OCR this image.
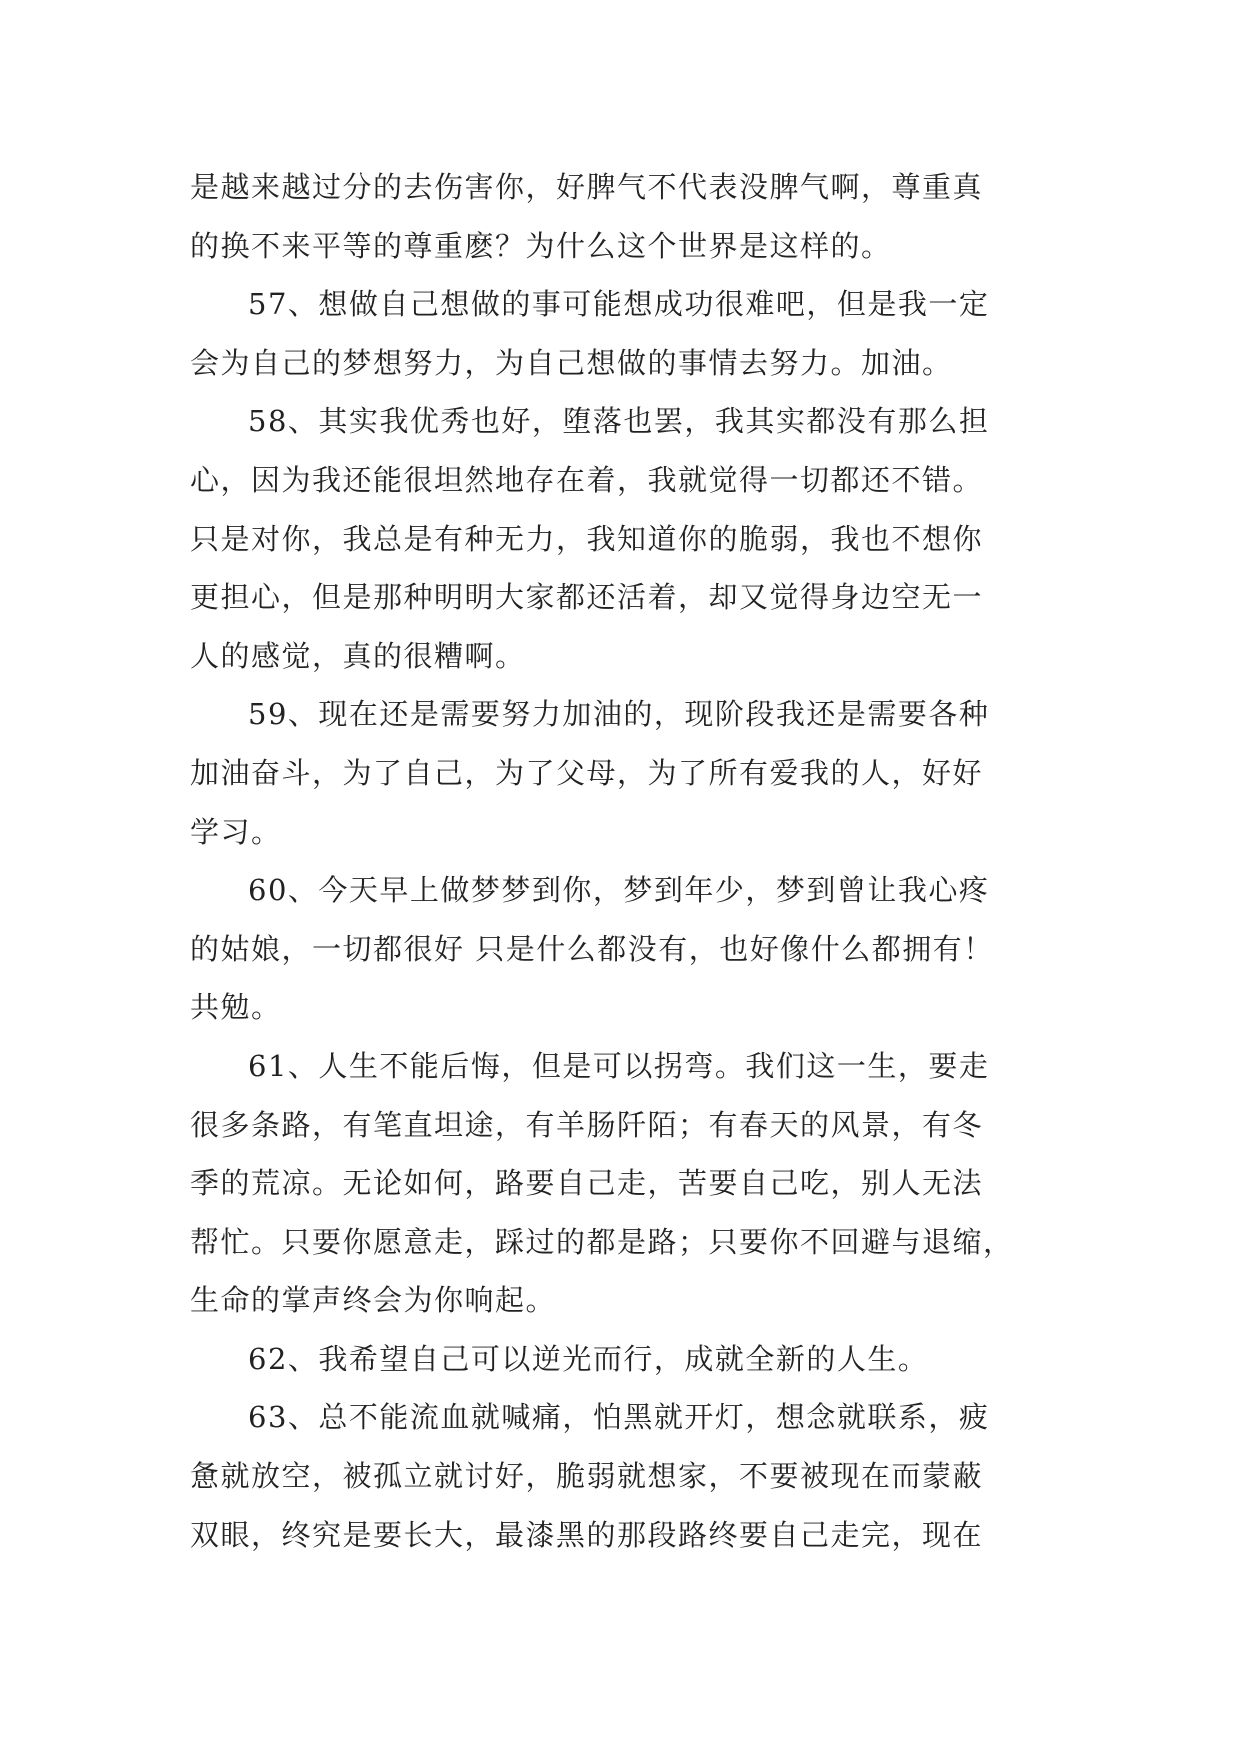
是越来越过分的去伤害你，好脾气不代表没脾气啊，尊重真
的换不来平等的尊重麽？为什么这个世界是这样的。

57、想做自己想做的事可能想成功很难吧，但是我一定
会为自己的梦想努力，为自己想做的事情去努力。加油。

58、其实我优秀也好，堕落也罢，我其实都没有那么担
心，因为我还能很坦然地存在着，我就觉得一切都还不错。
只是对你，我总是有种无力，我知道你的脆弱，我也不想你
更担心，但是那种明明大家都还活着，却又觉得身边空无一
人的感觉，真的很糟啊。

59、现在还是需要努力加油的，现阶段我还是需要各种
加油奋斗，为了自己，为了父母，为了所有爱我的人，好好
学习。

60、今天早上做梦梦到你，梦到年少，梦到曾让我心疼
的姑娘，一切都很好 只是什么都没有，也好像什么都拥有！
共勉。

61、人生不能后悔，但是可以拐弯。我们这一生，要走
很多条路，有笔直坦途，有羊肠阡陌；有春天的风景，有冬
季的荒凉。无论如何，路要自己走，苦要自己吃，别人无法
帮忙。只要你愿意走，踩过的都是路；只要你不回避与退缩，
生命的掌声终会为你响起。

62、我希望自己可以逆光而行，成就全新的人生。

63、总不能流血就喊痛，怕黑就开灯，想念就联系，疲
惫就放空，被孤立就讨好，脆弱就想家，不要被现在而蒙蔽
双眼，终究是要长大，最漆黑的那段路终要自己走完，现在
